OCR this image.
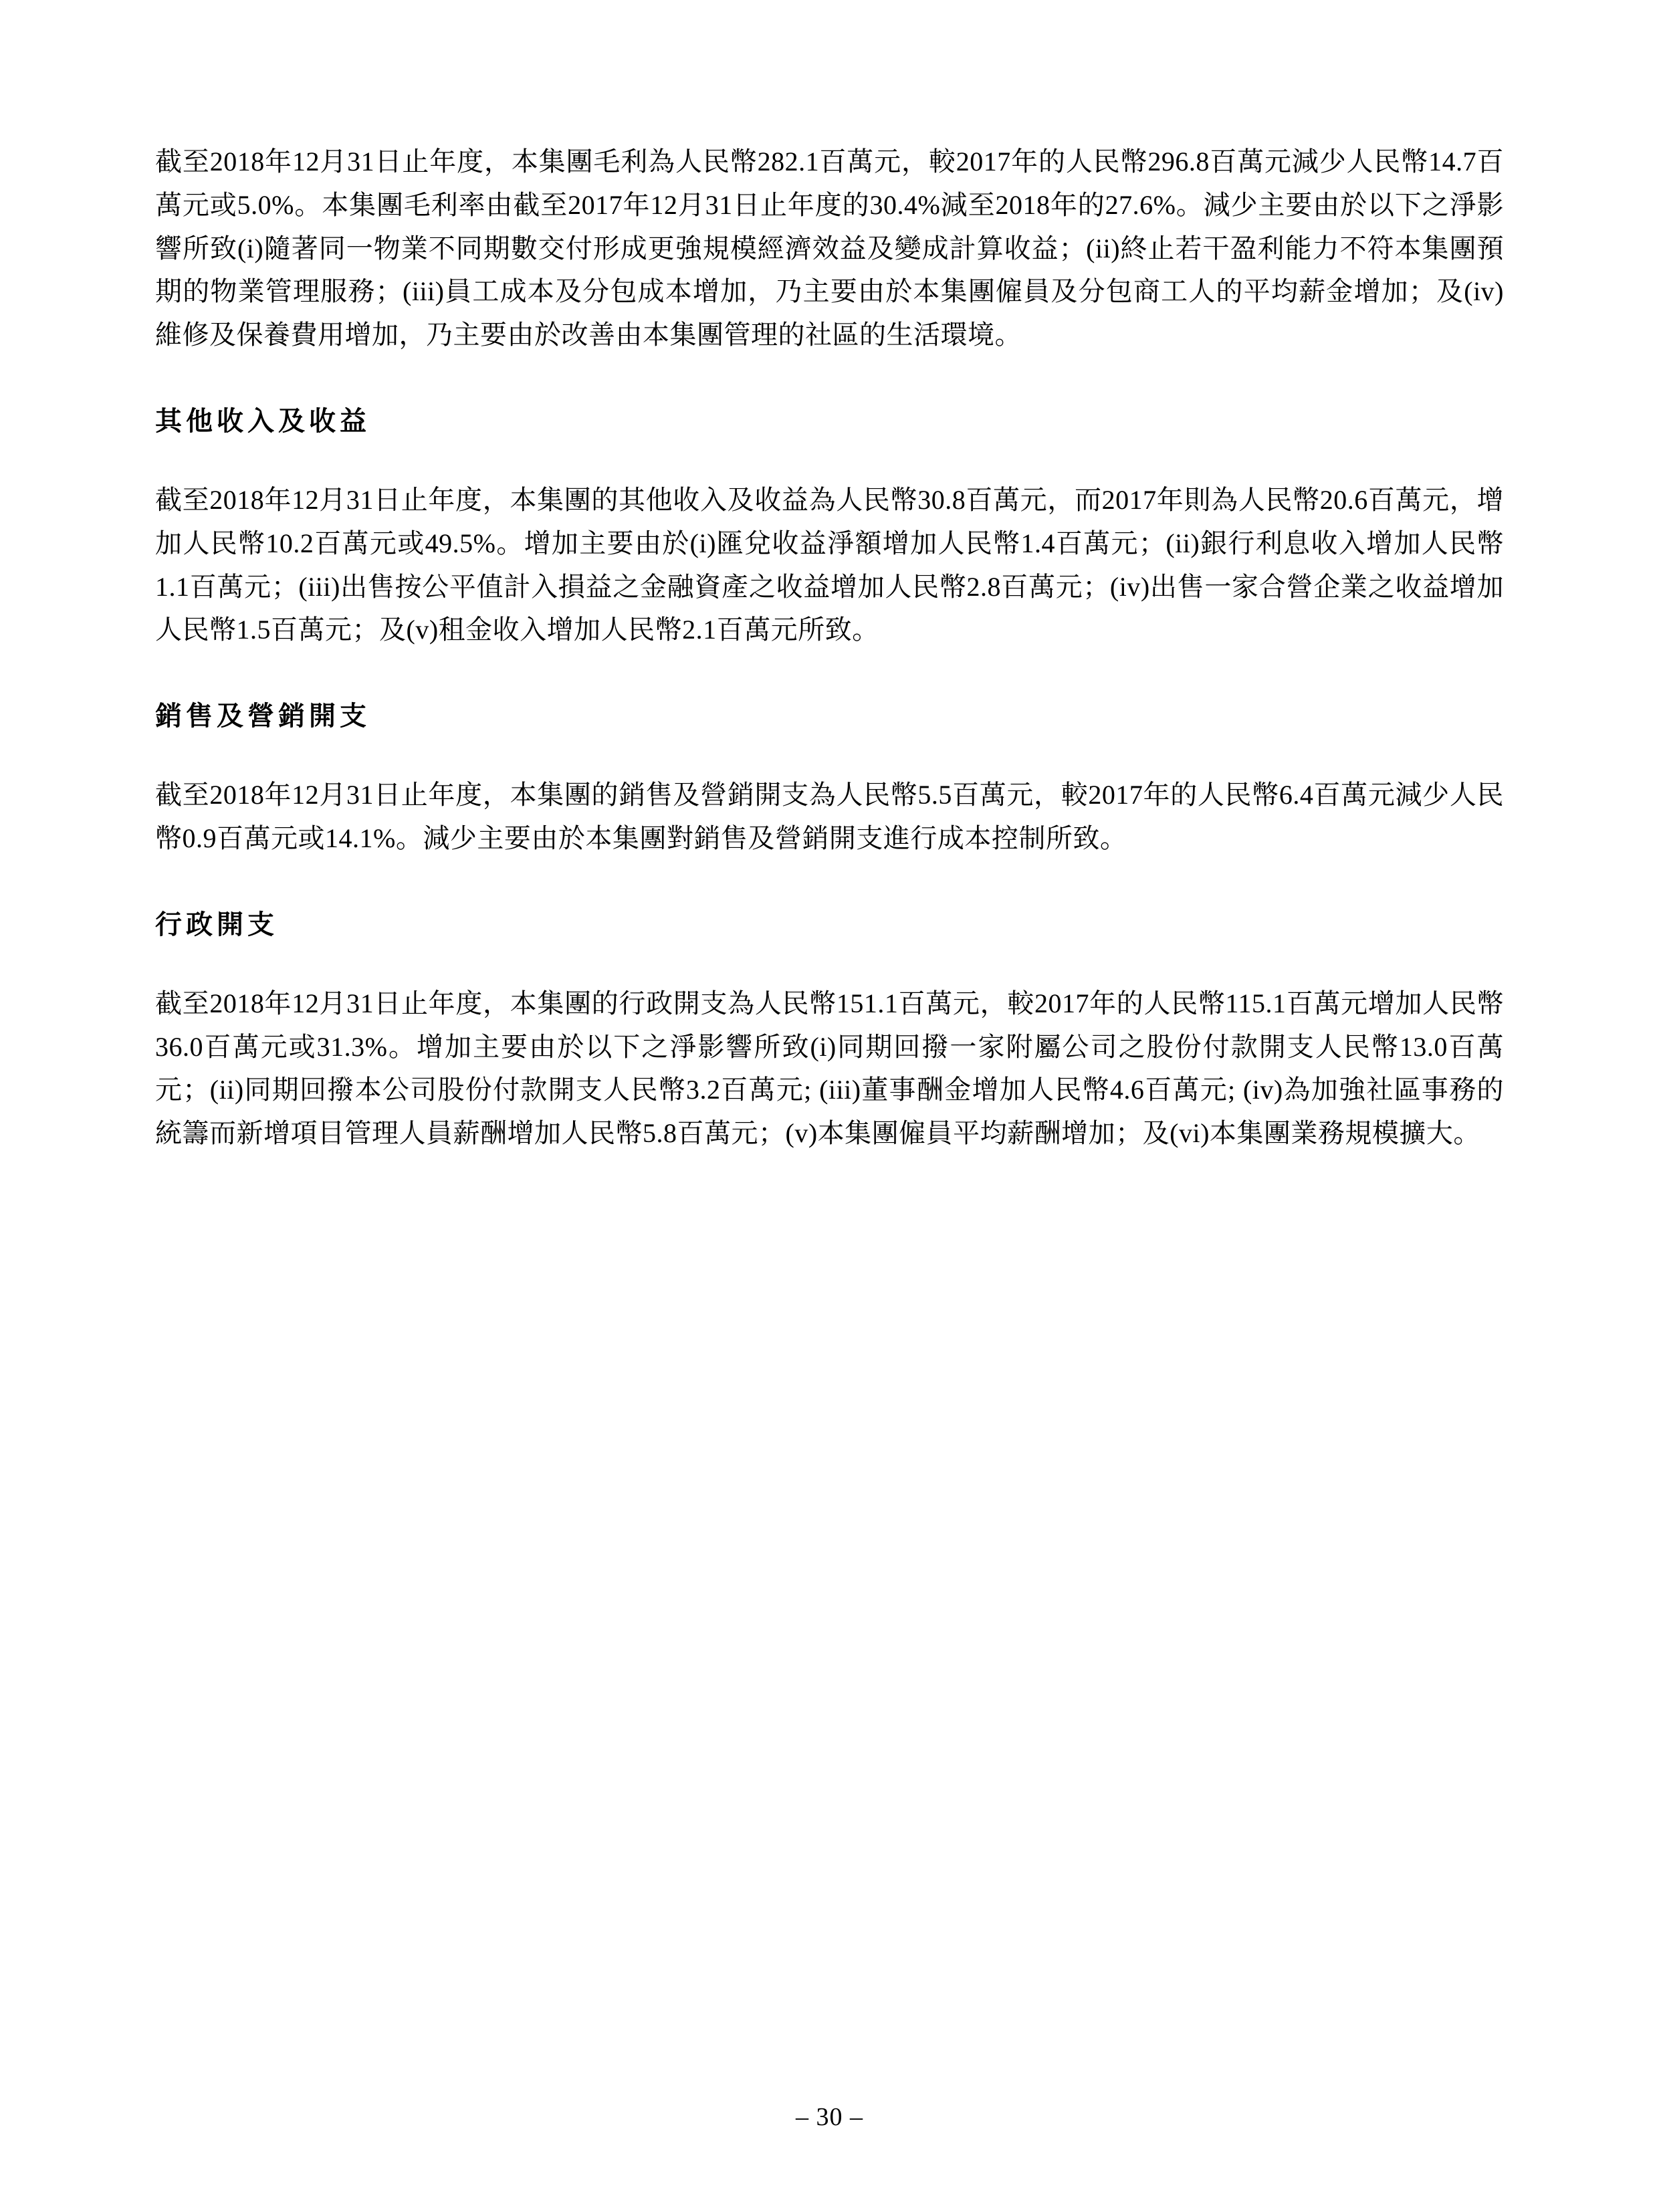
截至2018年12月31日止年度，本集團毛利為人民幣282.1百萬元，較2017年的人民幣296.8百萬元減少人民幣14.7百萬元或5.0%。本集團毛利率由截至2017年12月31日止年度的30.4%減至2018年的27.6%。減少主要由於以下之淨影響所致(i)隨著同一物業不同期數交付形成更強規模經濟效益及變成計算收益；(ii)終止若干盈利能力不符本集團預期的物業管理服務；(iii)員工成本及分包成本增加，乃主要由於本集團僱員及分包商工人的平均薪金增加；及(iv)維修及保養費用增加，乃主要由於改善由本集團管理的社區的生活環境。

其他收入及收益

截至2018年12月31日止年度，本集團的其他收入及收益為人民幣30.8百萬元，而2017年則為人民幣20.6百萬元，增加人民幣10.2百萬元或49.5%。增加主要由於(i)匯兌收益淨額增加人民幣1.4百萬元；(ii)銀行利息收入增加人民幣1.1百萬元；(iii)出售按公平值計入損益之金融資產之收益增加人民幣2.8百萬元；(iv)出售一家合營企業之收益增加人民幣1.5百萬元；及(v)租金收入增加人民幣2.1百萬元所致。

銷售及營銷開支

截至2018年12月31日止年度，本集團的銷售及營銷開支為人民幣5.5百萬元，較2017年的人民幣6.4百萬元減少人民幣0.9百萬元或14.1%。減少主要由於本集團對銷售及營銷開支進行成本控制所致。

行政開支

截至2018年12月31日止年度，本集團的行政開支為人民幣151.1百萬元，較2017年的人民幣115.1百萬元增加人民幣36.0百萬元或31.3%。增加主要由於以下之淨影響所致(i)同期回撥一家附屬公司之股份付款開支人民幣13.0百萬元；(ii)同期回撥本公司股份付款開支人民幣3.2百萬元; (iii)董事酬金增加人民幣4.6百萬元; (iv)為加強社區事務的統籌而新增項目管理人員薪酬增加人民幣5.8百萬元；(v)本集團僱員平均薪酬增加；及(vi)本集團業務規模擴大。

– 30 –
